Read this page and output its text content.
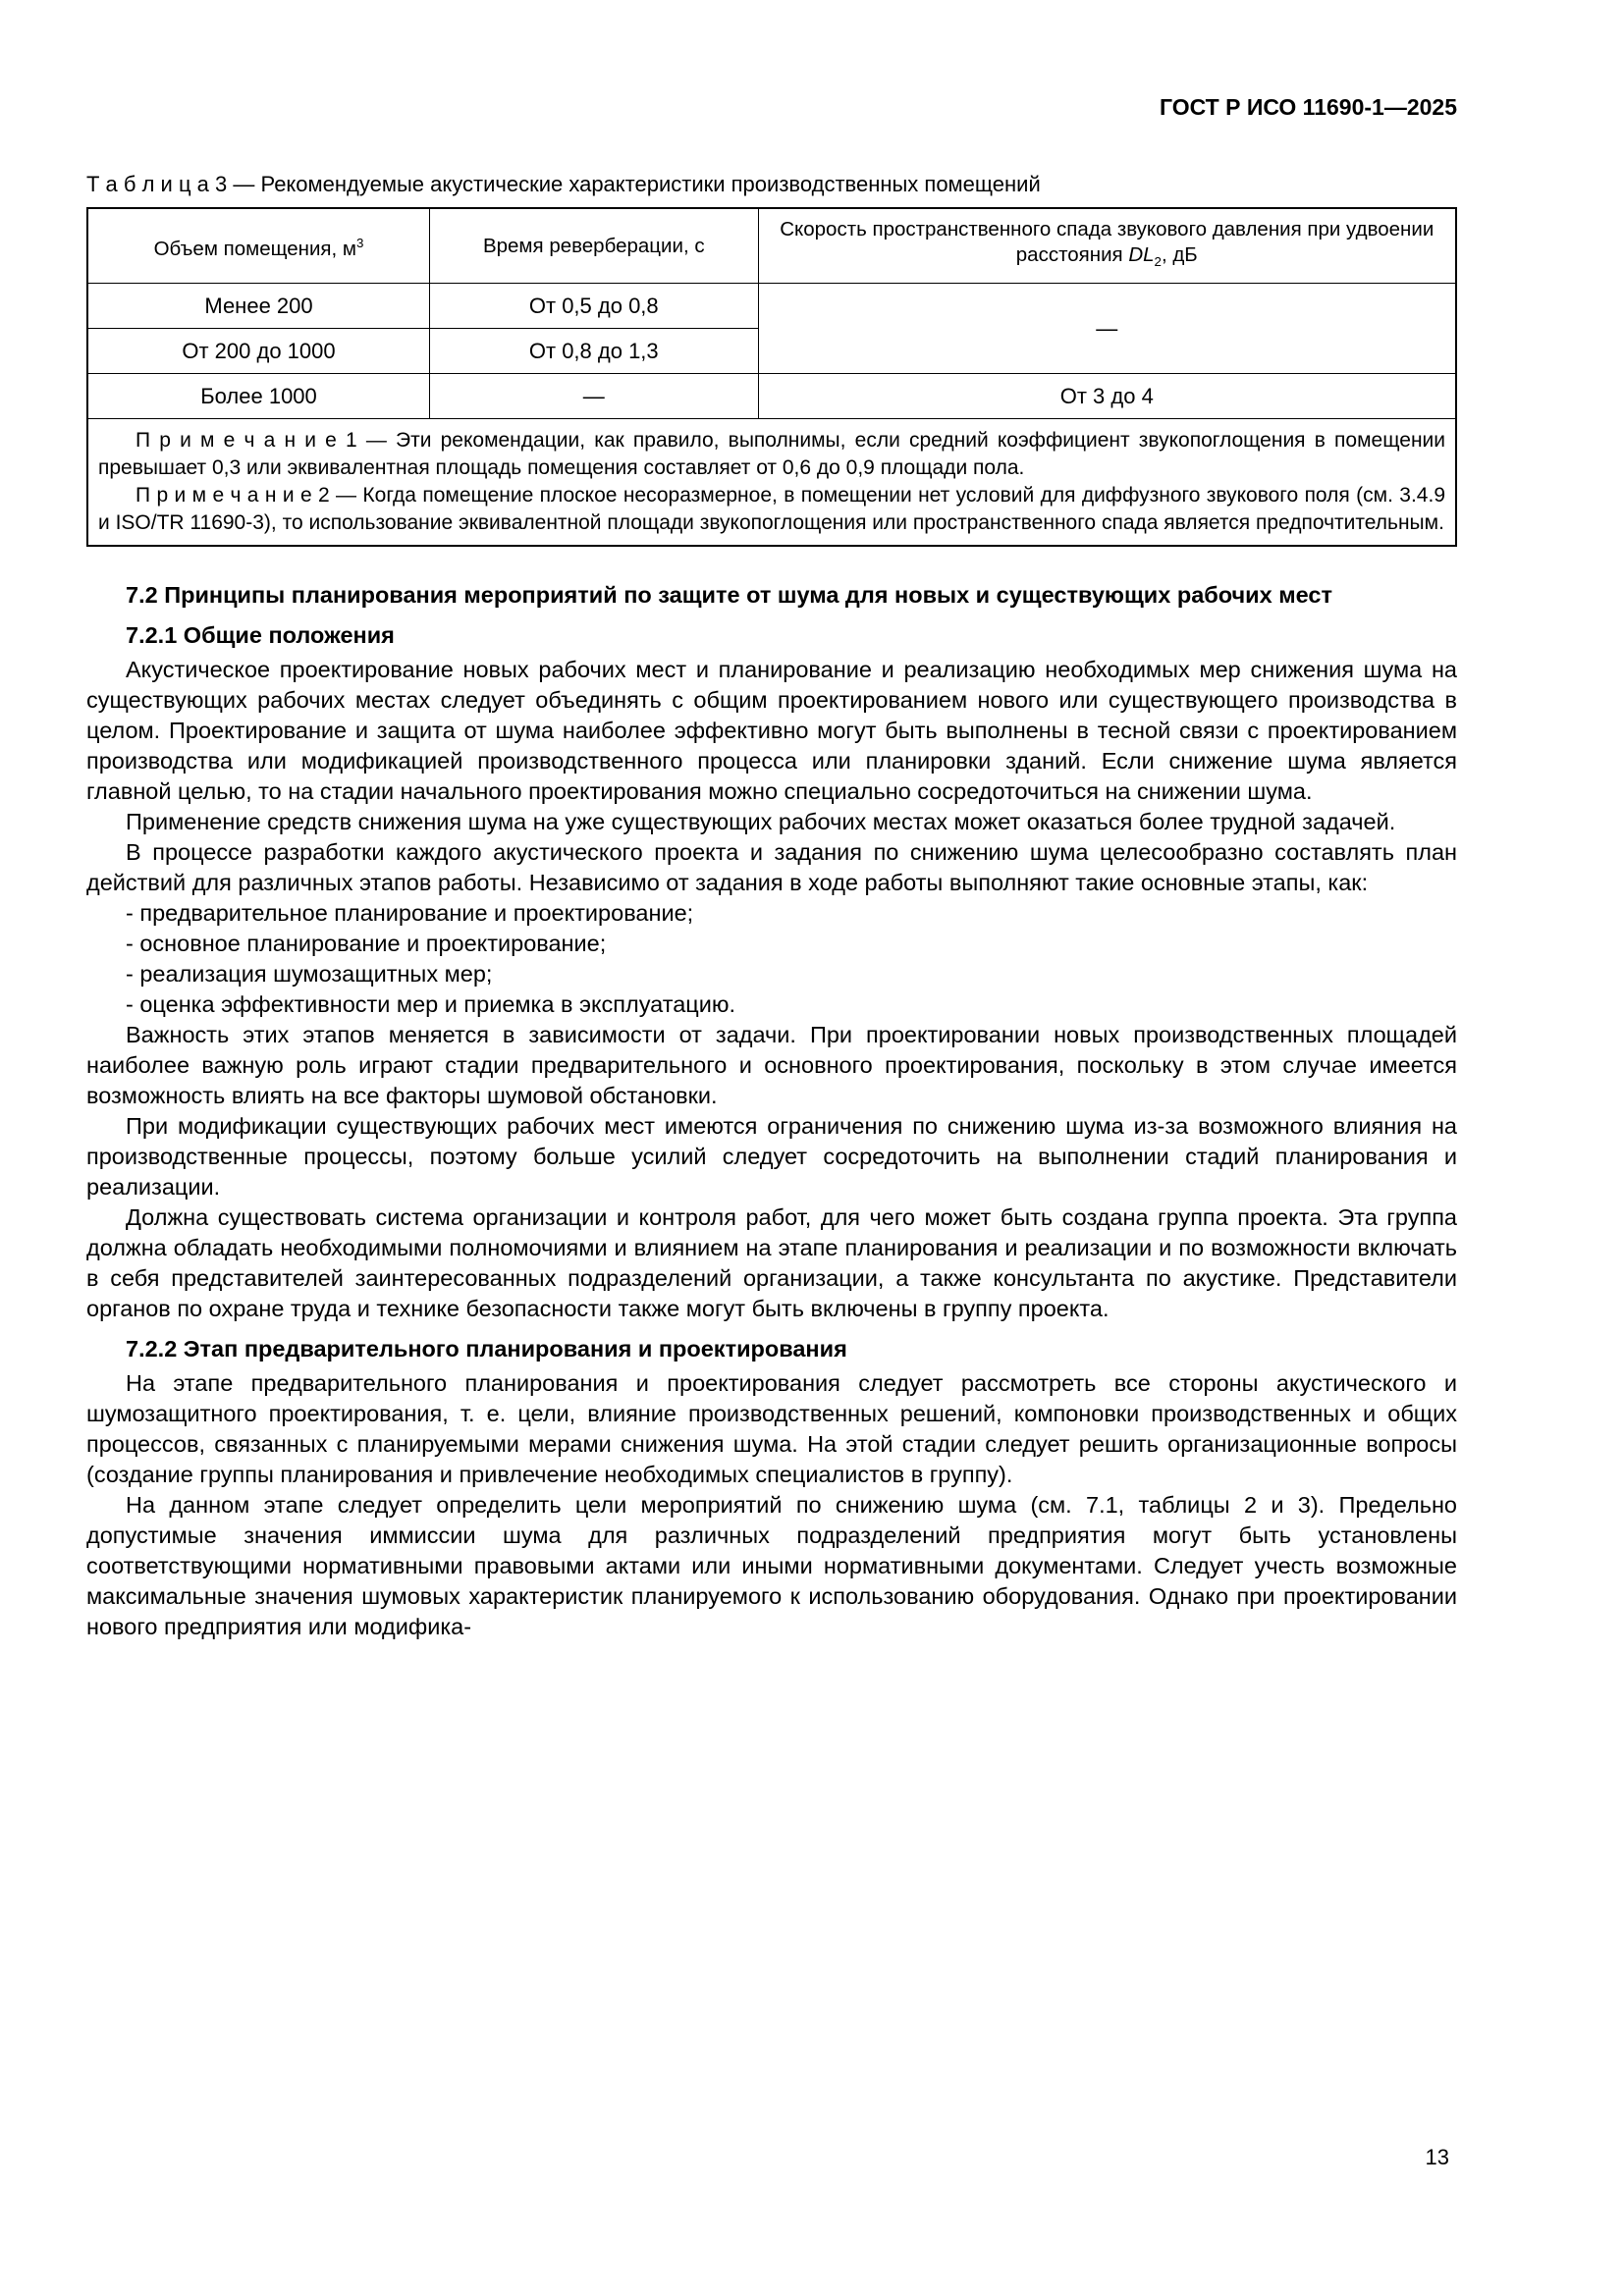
ГОСТ Р ИСО 11690-1—2025
Т а б л и ц а 3 — Рекомендуемые акустические характеристики производственных помещений
Объем помещения, $м^3$	Время реверберации, с	Скорость пространственного спада звукового давления при удвоении расстояния $DL_2$, дБ
Менее 200	От 0,5 до 0,8	—
От 200 до 1000	От 0,8 до 1,3	
Более 1000	—	От 3 до 4

П р и м е ч а н и е 1 — Эти рекомендации, как правило, выполнимы, если средний коэффициент звукопоглощения в помещении превышает 0,3 или эквивалентная площадь помещения составляет от 0,6 до 0,9 площади пола.

П р и м е ч а н и е 2 — Когда помещение плоское несоразмерное, в помещении нет условий для диффузного звукового поля (см. 3.4.9 и ISO/TR 11690-3), то использование эквивалентной площади звукопоглощения или пространственного спада является предпочтительным.		

7.2 Принципы планирования мероприятий по защите от шума для новых и существующих рабочих мест
7.2.1 Общие положения

Акустическое проектирование новых рабочих мест и планирование и реализацию необходимых мер снижения шума на существующих рабочих местах следует объединять с общим проектированием нового или существующего производства в целом. Проектирование и защита от шума наиболее эффективно могут быть выполнены в тесной связи с проектированием производства или модификацией производственного процесса или планировки зданий. Если снижение шума является главной целью, то на стадии начального проектирования можно специально сосредоточиться на снижении шума.

Применение средств снижения шума на уже существующих рабочих местах может оказаться более трудной задачей.

В процессе разработки каждого акустического проекта и задания по снижению шума целесообразно составлять план действий для различных этапов работы. Независимо от задания в ходе работы выполняют такие основные этапы, как:

- предварительное планирование и проектирование;

- основное планирование и проектирование;

- реализация шумозащитных мер;

- оценка эффективности мер и приемка в эксплуатацию.

Важность этих этапов меняется в зависимости от задачи. При проектировании новых производственных площадей наиболее важную роль играют стадии предварительного и основного проектирования, поскольку в этом случае имеется возможность влиять на все факторы шумовой обстановки.

При модификации существующих рабочих мест имеются ограничения по снижению шума из-за возможного влияния на производственные процессы, поэтому больше усилий следует сосредоточить на выполнении стадий планирования и реализации.

Должна существовать система организации и контроля работ, для чего может быть создана группа проекта. Эта группа должна обладать необходимыми полномочиями и влиянием на этапе планирования и реализации и по возможности включать в себя представителей заинтересованных подразделений организации, а также консультанта по акустике. Представители органов по охране труда и технике безопасности также могут быть включены в группу проекта.

7.2.2 Этап предварительного планирования и проектирования

На этапе предварительного планирования и проектирования следует рассмотреть все стороны акустического и шумозащитного проектирования, т. е. цели, влияние производственных решений, компоновки производственных и общих процессов, связанных с планируемыми мерами снижения шума. На этой стадии следует решить организационные вопросы (создание группы планирования и привлечение необходимых специалистов в группу).

На данном этапе следует определить цели мероприятий по снижению шума (см. 7.1, таблицы 2 и 3). Предельно допустимые значения иммиссии шума для различных подразделений предприятия могут быть установлены соответствующими нормативными правовыми актами или иными нормативными документами. Следует учесть возможные максимальные значения шумовых характеристик планируемого к использованию оборудования. Однако при проектировании нового предприятия или модифика-

13
